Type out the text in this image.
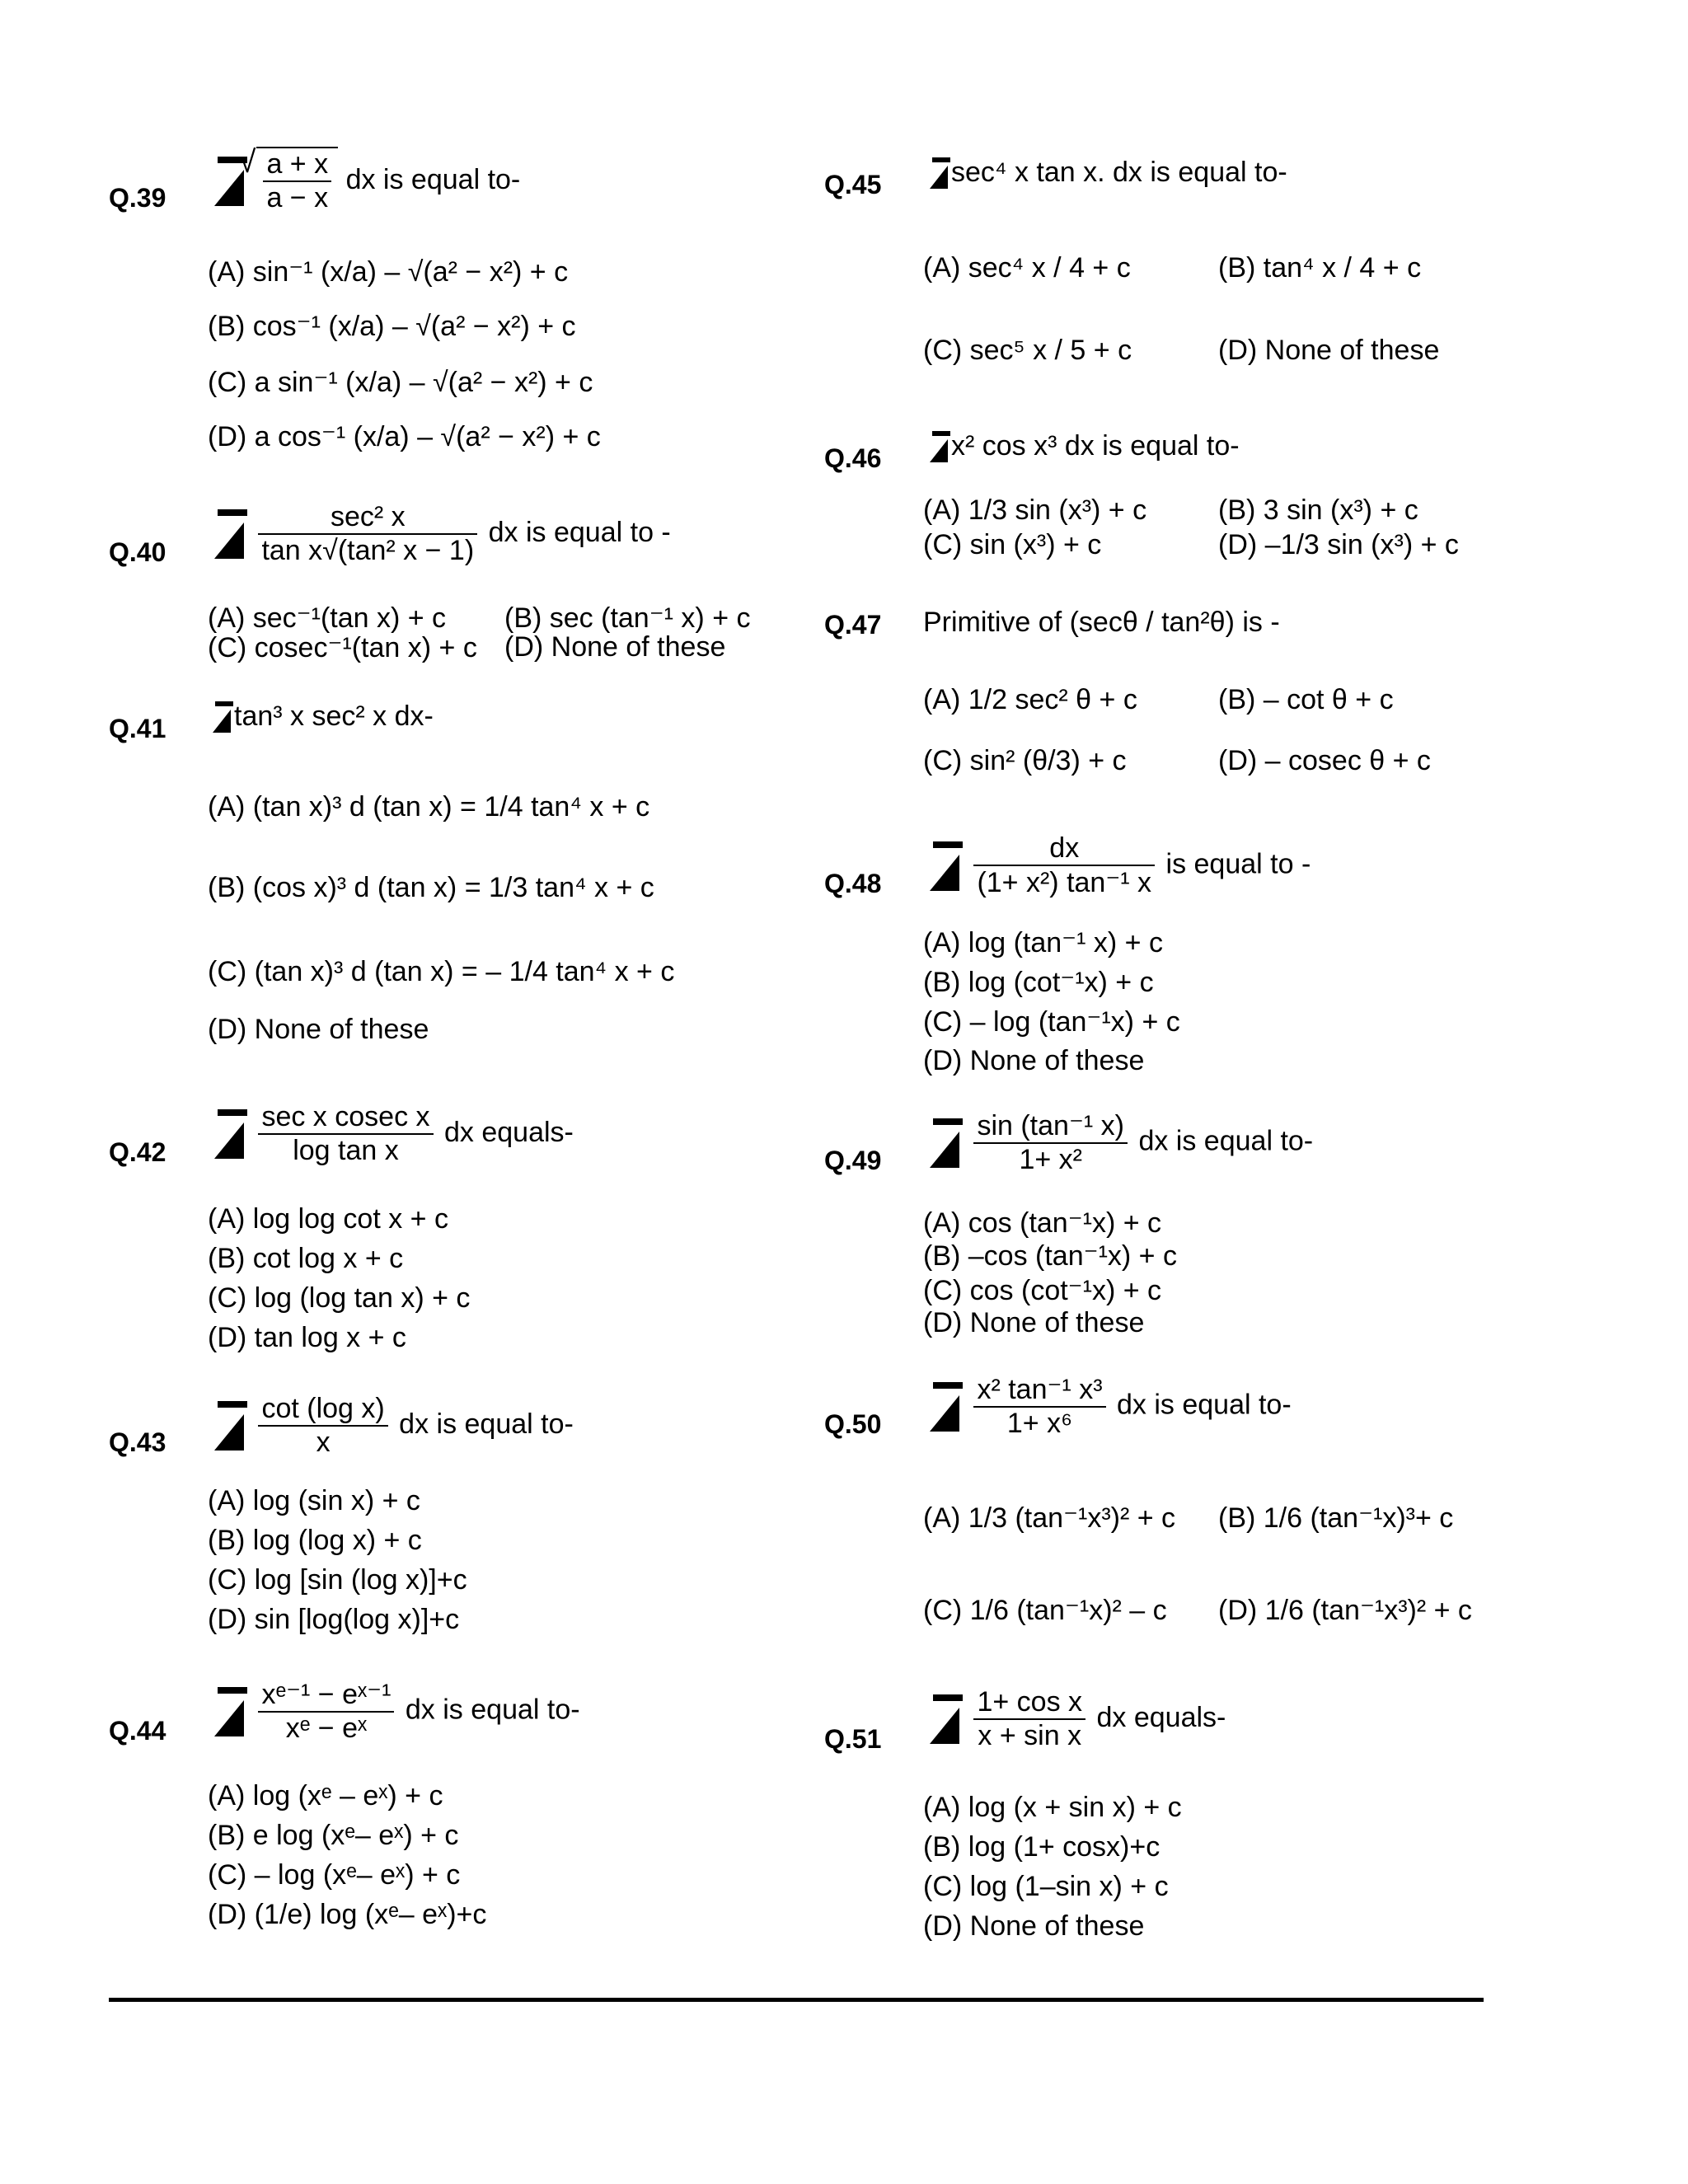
Q.39

√	$\frac{a + x}{a - x}$ dx is equal to-
(A) sin⁻¹ (x/a) – √(a² − x²) + c
(B) cos⁻¹ (x/a) – √(a² − x²) + c
(C) a sin⁻¹ (x/a) – √(a² − x²) + c
(D) a cos⁻¹ (x/a) – √(a² − x²) + c
Q.40
	$\frac{\text{sec² x}}{\text{tan x√(tan² x − 1)}}$ dx is equal to -
(A) sec⁻¹(tan x) + c (B) sec (tan⁻¹ x) + c
(C) cosec⁻¹(tan x) + c (D) None of these
Q.41	tan³ x sec² x dx-
(A) (tan x)³ d (tan x) = 1/4 tan⁴ x + c
(B) (cos x)³ d (tan x) = 1/3 tan⁴ x + c
(C) (tan x)³ d (tan x) = – 1/4 tan⁴ x + c
(D) None of these
Q.42
	$\frac{\text{sec x cosec x}}{\text{log tan x}}$ dx equals-
(A) log log cot x + c
(B) cot log x + c
(C) log (log tan x) + c
(D) tan log x + c
Q.43
	$\frac{\text{cot (log x)}}{x}$ dx is equal to-
(A) log (sin x) + c
(B) log (log x) + c
(C) log [sin (log x)]+c
(D) sin [log(log x)]+c
Q.44
	$\frac{\text{xᵉ⁻¹ − eˣ⁻¹}}{\text{xᵉ − eˣ}}$ dx is equal to-
(A) log (xᵉ – eˣ) + c
(B) e log (xᵉ– eˣ) + c
(C) – log (xᵉ– eˣ) + c
(D) (1/e) log (xᵉ– eˣ)+c
Q.45	sec⁴ x tan x. dx is equal to-
(A) sec⁴ x / 4 + c	(B) tan⁴ x / 4 + c
(C) sec⁵ x / 5 + c	(D) None of these
Q.46	x² cos x³ dx is equal to-
(A) 1/3 sin (x³) + c	(B) 3 sin (x³) + c
(C) sin (x³) + c	(D) –1/3 sin (x³) + c
Q.47 Primitive of (secθ / tan²θ) is -
(A) 1/2 sec² θ + c	(B) – cot θ + c
(C) sin² (θ/3) + c	(D) – cosec θ + c
Q.48
	$\frac{dx}{\text{(1+ x²) tan⁻¹ x}}$ is equal to -
(A) log (tan⁻¹ x) + c
(B) log (cot⁻¹x) + c
(C) – log (tan⁻¹x) + c
(D) None of these
Q.49
	$\frac{\text{sin (tan⁻¹ x)}}{\text{1+ x²}}$ dx is equal to-
(A) cos (tan⁻¹x) + c
(B) –cos (tan⁻¹x) + c
(C) cos (cot⁻¹x) + c
(D) None of these
Q.50
	$\frac{\text{x² tan⁻¹ x³}}{\text{1+ x⁶}}$ dx is equal to-
(A) 1/3 (tan⁻¹x³)² + c (B) 1/6 (tan⁻¹x)³+ c
(C) 1/6 (tan⁻¹x)² – c (D) 1/6 (tan⁻¹x³)² + c
Q.51
	$\frac{\text{1+ cos x}}{\text{x + sin x}}$ dx equals-
(A) log (x + sin x) + c
(B) log (1+ cosx)+c
(C) log (1–sin x) + c
(D) None of these
